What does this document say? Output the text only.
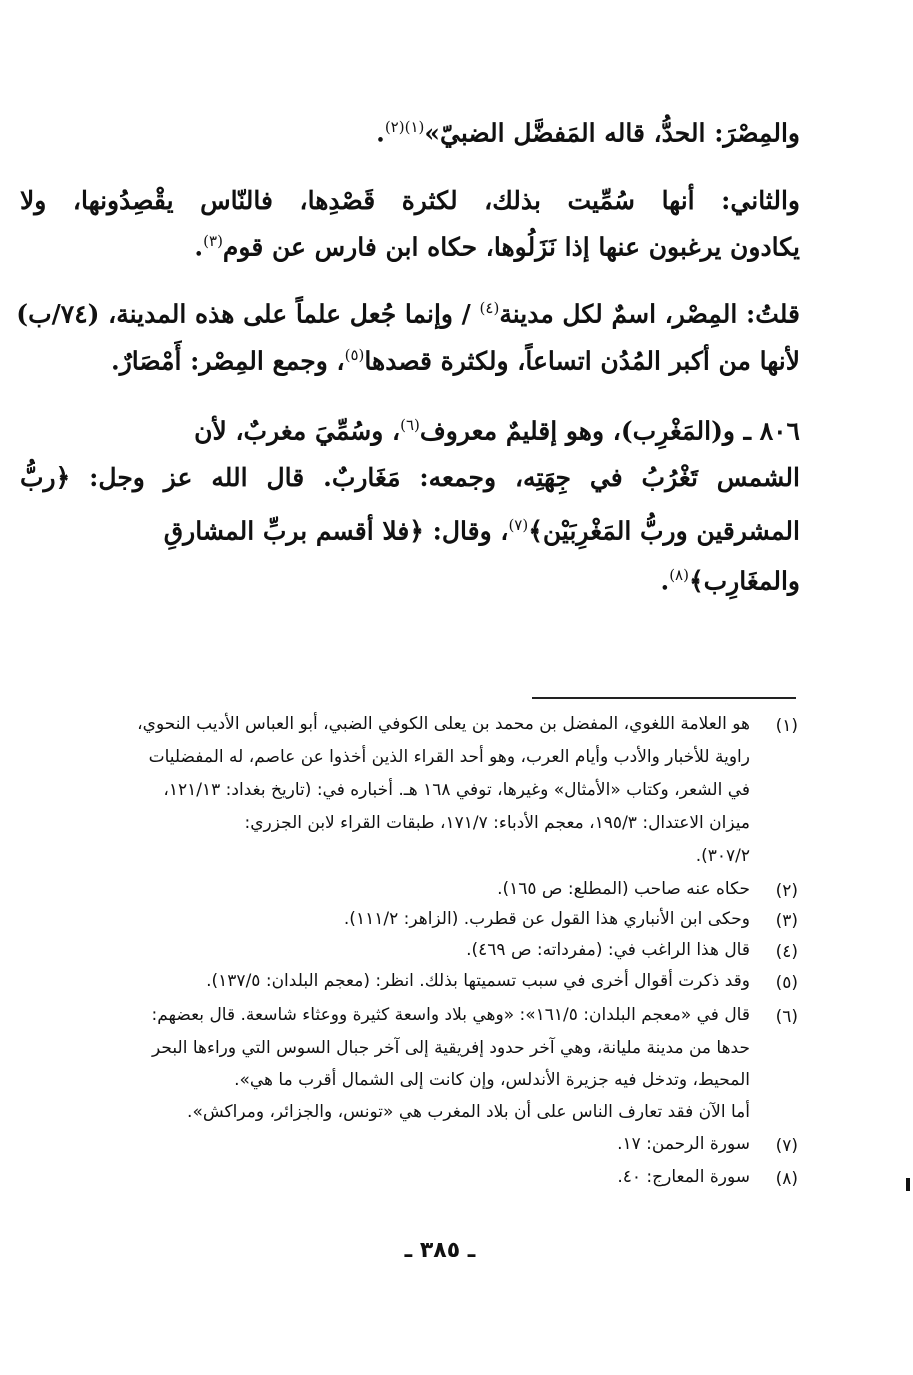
والمِصْرَ: الحدُّ، قاله المَفضَّل الضبيّ»$^{(١)(٢)}$.
والثاني: أنها سُمِّيت بذلك، لكثرة قَصْدِها، فالنّاس يقْصِدُونها، ولا
يكادون يرغبون عنها إذا نَزَلُوها، حكاه ابن فارس عن قوم$^{(٣)}$.
قلتُ: المِصْر، اسمٌ لكل مدينة$^{(٤)}$ / وإنما جُعل علماً على هذه المدينة، (٧٤/ب)
لأنها من أكبر المُدُن اتساعاً، ولكثرة قصدها$^{(٥)}$، وجمع المِصْر: أَمْصَارٌ.
٨٠٦ ـ و(المَغْرِب)، وهو إقليمٌ معروف$^{(٦)}$، وسُمِّيَ مغربٌ، لأن
الشمس تَغْرُبُ في جِهَتِه، وجمعه: مَغَاربٌ. قال الله عز وجل: ﴿ربُّ
المشرقين وربُّ المَغْرِبَيْن﴾$^{(٧)}$، وقال: ﴿فلا أقسم بربِّ المشارقِ
والمغَارِب﴾$^{(٨)}$.
(١)
هو العلامة اللغوي، المفضل بن محمد بن يعلى الكوفي الضبي، أبو العباس الأديب النحوي،
راوية للأخبار والأدب وأيام العرب، وهو أحد القراء الذين أخذوا عن عاصم، له المفضليات
في الشعر، وكتاب «الأمثال» وغيرها، توفي ١٦٨ هـ. أخباره في: (تاريخ بغداد: ١٢١/١٣،
ميزان الاعتدال: ١٩٥/٣، معجم الأدباء: ١٧١/٧، طبقات القراء لابن الجزري:
٣٠٧/٢).
(٢)
حكاه عنه صاحب (المطلع: ص ١٦٥).
(٣)
وحكى ابن الأنباري هذا القول عن قطرب. (الزاهر: ١١١/٢).
(٤)
قال هذا الراغب في: (مفرداته: ص ٤٦٩).
(٥)
وقد ذكرت أقوال أخرى في سبب تسميتها بذلك. انظر: (معجم البلدان: ١٣٧/٥).
(٦)
قال في «معجم البلدان: ١٦١/٥»: «وهي بلاد واسعة كثيرة ووعثاء شاسعة. قال بعضهم:
حدها من مدينة مليانة، وهي آخر حدود إفريقية إلى آخر جبال السوس التي وراءها البحر
المحيط، وتدخل فيه جزيرة الأندلس، وإن كانت إلى الشمال أقرب ما هي».
أما الآن فقد تعارف الناس على أن بلاد المغرب هي «تونس، والجزائر، ومراكش».
(٧)
سورة الرحمن: ١٧.
(٨)
سورة المعارج: ٤٠.
ـ ٣٨٥ ـ
